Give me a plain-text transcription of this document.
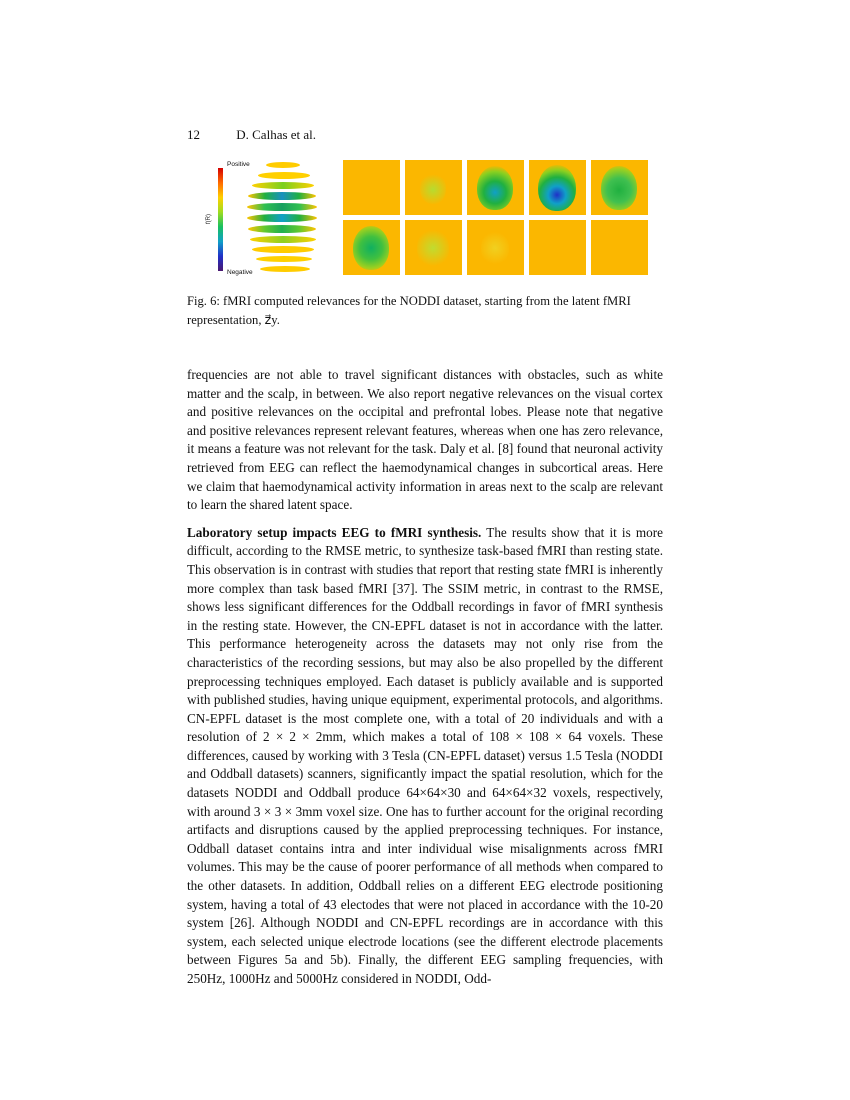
12	D. Calhas et al.
Positive
Negative
f(R)
Fig. 6: fMRI computed relevances for the NODDI dataset, starting from the latent fMRI representation, z⃗y.

frequencies are not able to travel significant distances with obstacles, such as white matter and the scalp, in between. We also report negative relevances on the visual cortex and positive relevances on the occipital and prefrontal lobes. Please note that negative and positive relevances represent relevant features, whereas when one has zero relevance, it means a feature was not relevant for the task. Daly et al. [8] found that neuronal activity retrieved from EEG can reflect the haemodynamical changes in subcortical areas. Here we claim that haemodynamical activity information in areas next to the scalp are relevant to learn the shared latent space.

Laboratory setup impacts EEG to fMRI synthesis. The results show that it is more difficult, according to the RMSE metric, to synthesize task-based fMRI than resting state. This observation is in contrast with studies that report that resting state fMRI is inherently more complex than task based fMRI [37]. The SSIM metric, in contrast to the RMSE, shows less significant differences for the Oddball recordings in favor of fMRI synthesis in the resting state. However, the CN-EPFL dataset is not in accordance with the latter. This performance heterogeneity across the datasets may not only rise from the characteristics of the recording sessions, but may also be also propelled by the different preprocessing techniques employed. Each dataset is publicly available and is supported with published studies, having unique equipment, experimental protocols, and algorithms. CN-EPFL dataset is the most complete one, with a total of 20 individuals and with a resolution of 2 × 2 × 2mm, which makes a total of 108 × 108 × 64 voxels. These differences, caused by working with 3 Tesla (CN-EPFL dataset) versus 1.5 Tesla (NODDI and Oddball datasets) scanners, significantly impact the spatial resolution, which for the datasets NODDI and Oddball produce 64×64×30 and 64×64×32 voxels, respectively, with around 3 × 3 × 3mm voxel size. One has to further account for the original recording artifacts and disruptions caused by the applied preprocessing techniques. For instance, Oddball dataset contains intra and inter individual wise misalignments across fMRI volumes. This may be the cause of poorer performance of all methods when compared to the other datasets. In addition, Oddball relies on a different EEG electrode positioning system, having a total of 43 electodes that were not placed in accordance with the 10-20 system [26]. Although NODDI and CN-EPFL recordings are in accordance with this system, each selected unique electrode locations (see the different electrode placements between Figures 5a and 5b). Finally, the different EEG sampling frequencies, with 250Hz, 1000Hz and 5000Hz considered in NODDI, Odd-
